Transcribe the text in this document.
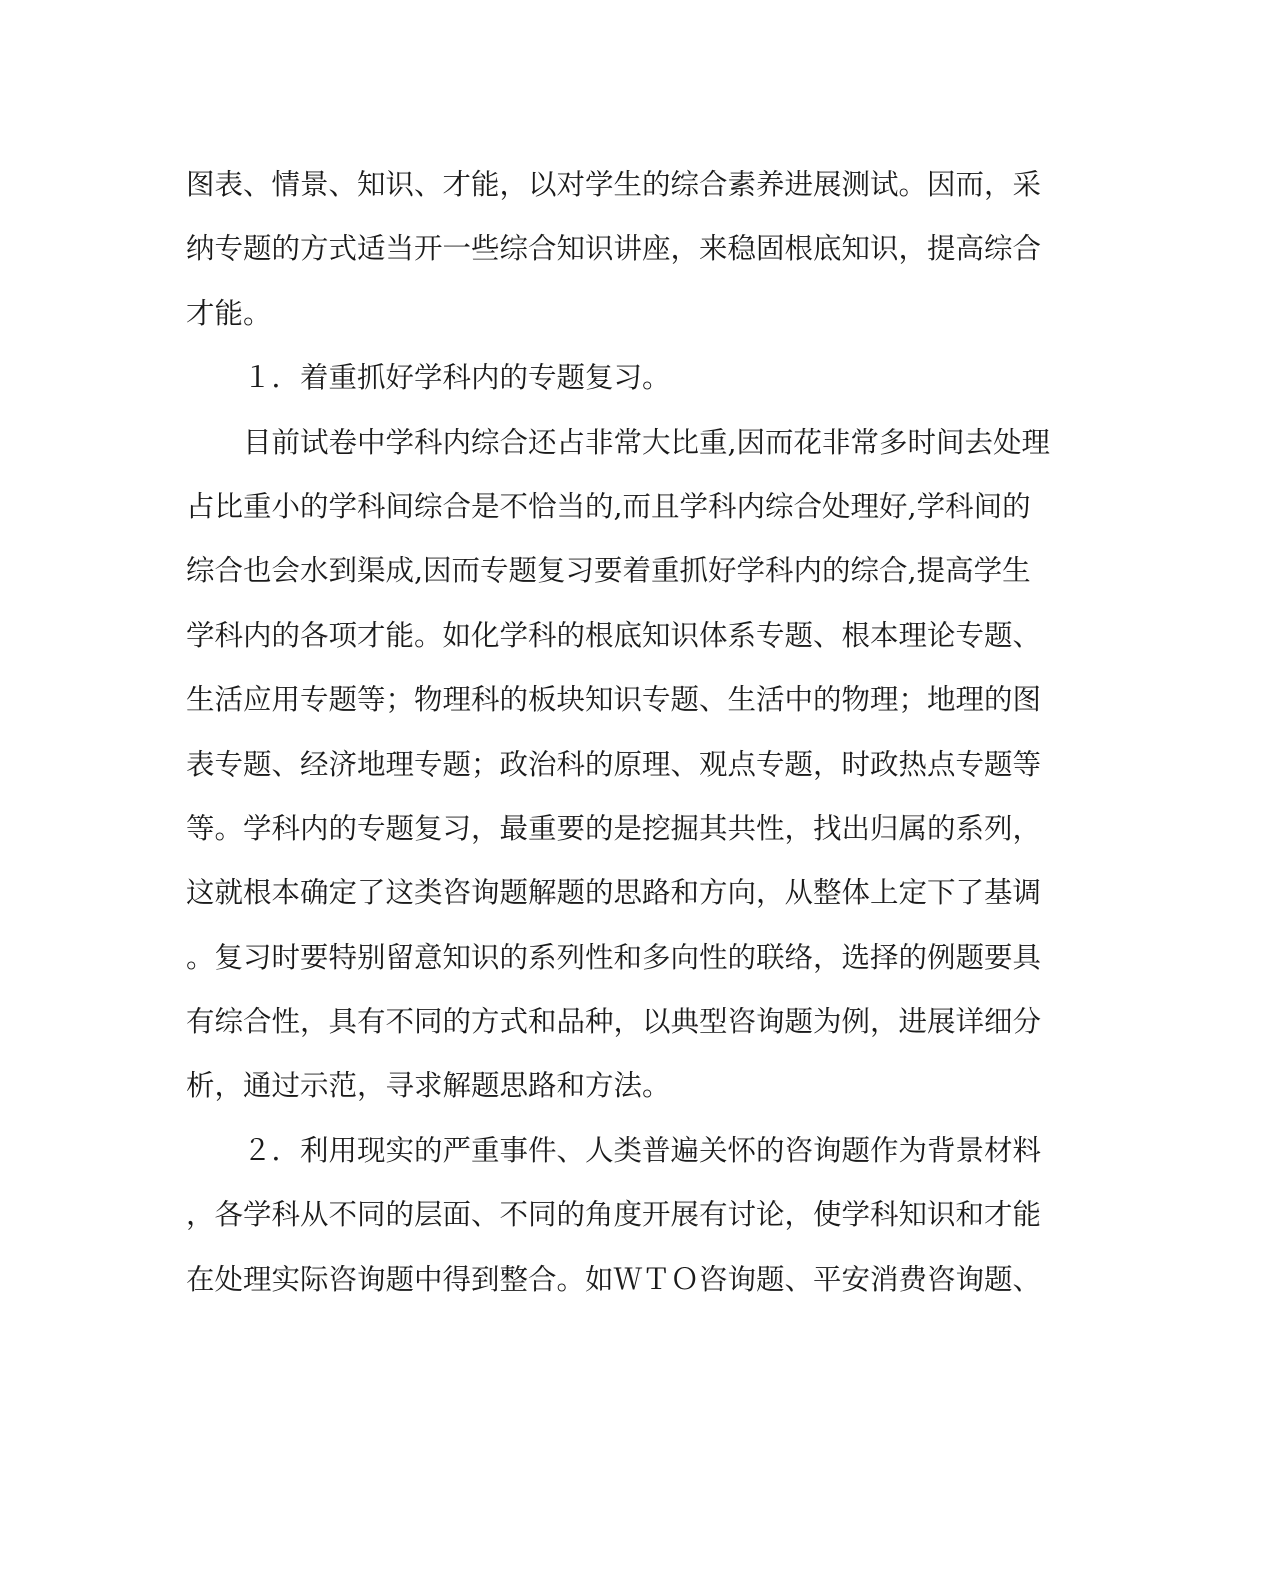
图表、情景、知识、才能，以对学生的综合素养进展测试。因而，采
纳专题的方式适当开一些综合知识讲座，来稳固根底知识，提高综合
才能。
　　１．着重抓好学科内的专题复习。
　　目前试卷中学科内综合还占非常大比重,因而花非常多时间去处理
占比重小的学科间综合是不恰当的,而且学科内综合处理好,学科间的
综合也会水到渠成,因而专题复习要着重抓好学科内的综合,提高学生
学科内的各项才能。如化学科的根底知识体系专题、根本理论专题、
生活应用专题等；物理科的板块知识专题、生活中的物理；地理的图
表专题、经济地理专题；政治科的原理、观点专题，时政热点专题等
等。学科内的专题复习，最重要的是挖掘其共性，找出归属的系列，
这就根本确定了这类咨询题解题的思路和方向，从整体上定下了基调
。复习时要特别留意知识的系列性和多向性的联络，选择的例题要具
有综合性，具有不同的方式和品种，以典型咨询题为例，进展详细分
析，通过示范，寻求解题思路和方法。
　　２．利用现实的严重事件、人类普遍关怀的咨询题作为背景材料
，各学科从不同的层面、不同的角度开展有讨论，使学科知识和才能
在处理实际咨询题中得到整合。如ＷＴＯ咨询题、平安消费咨询题、
